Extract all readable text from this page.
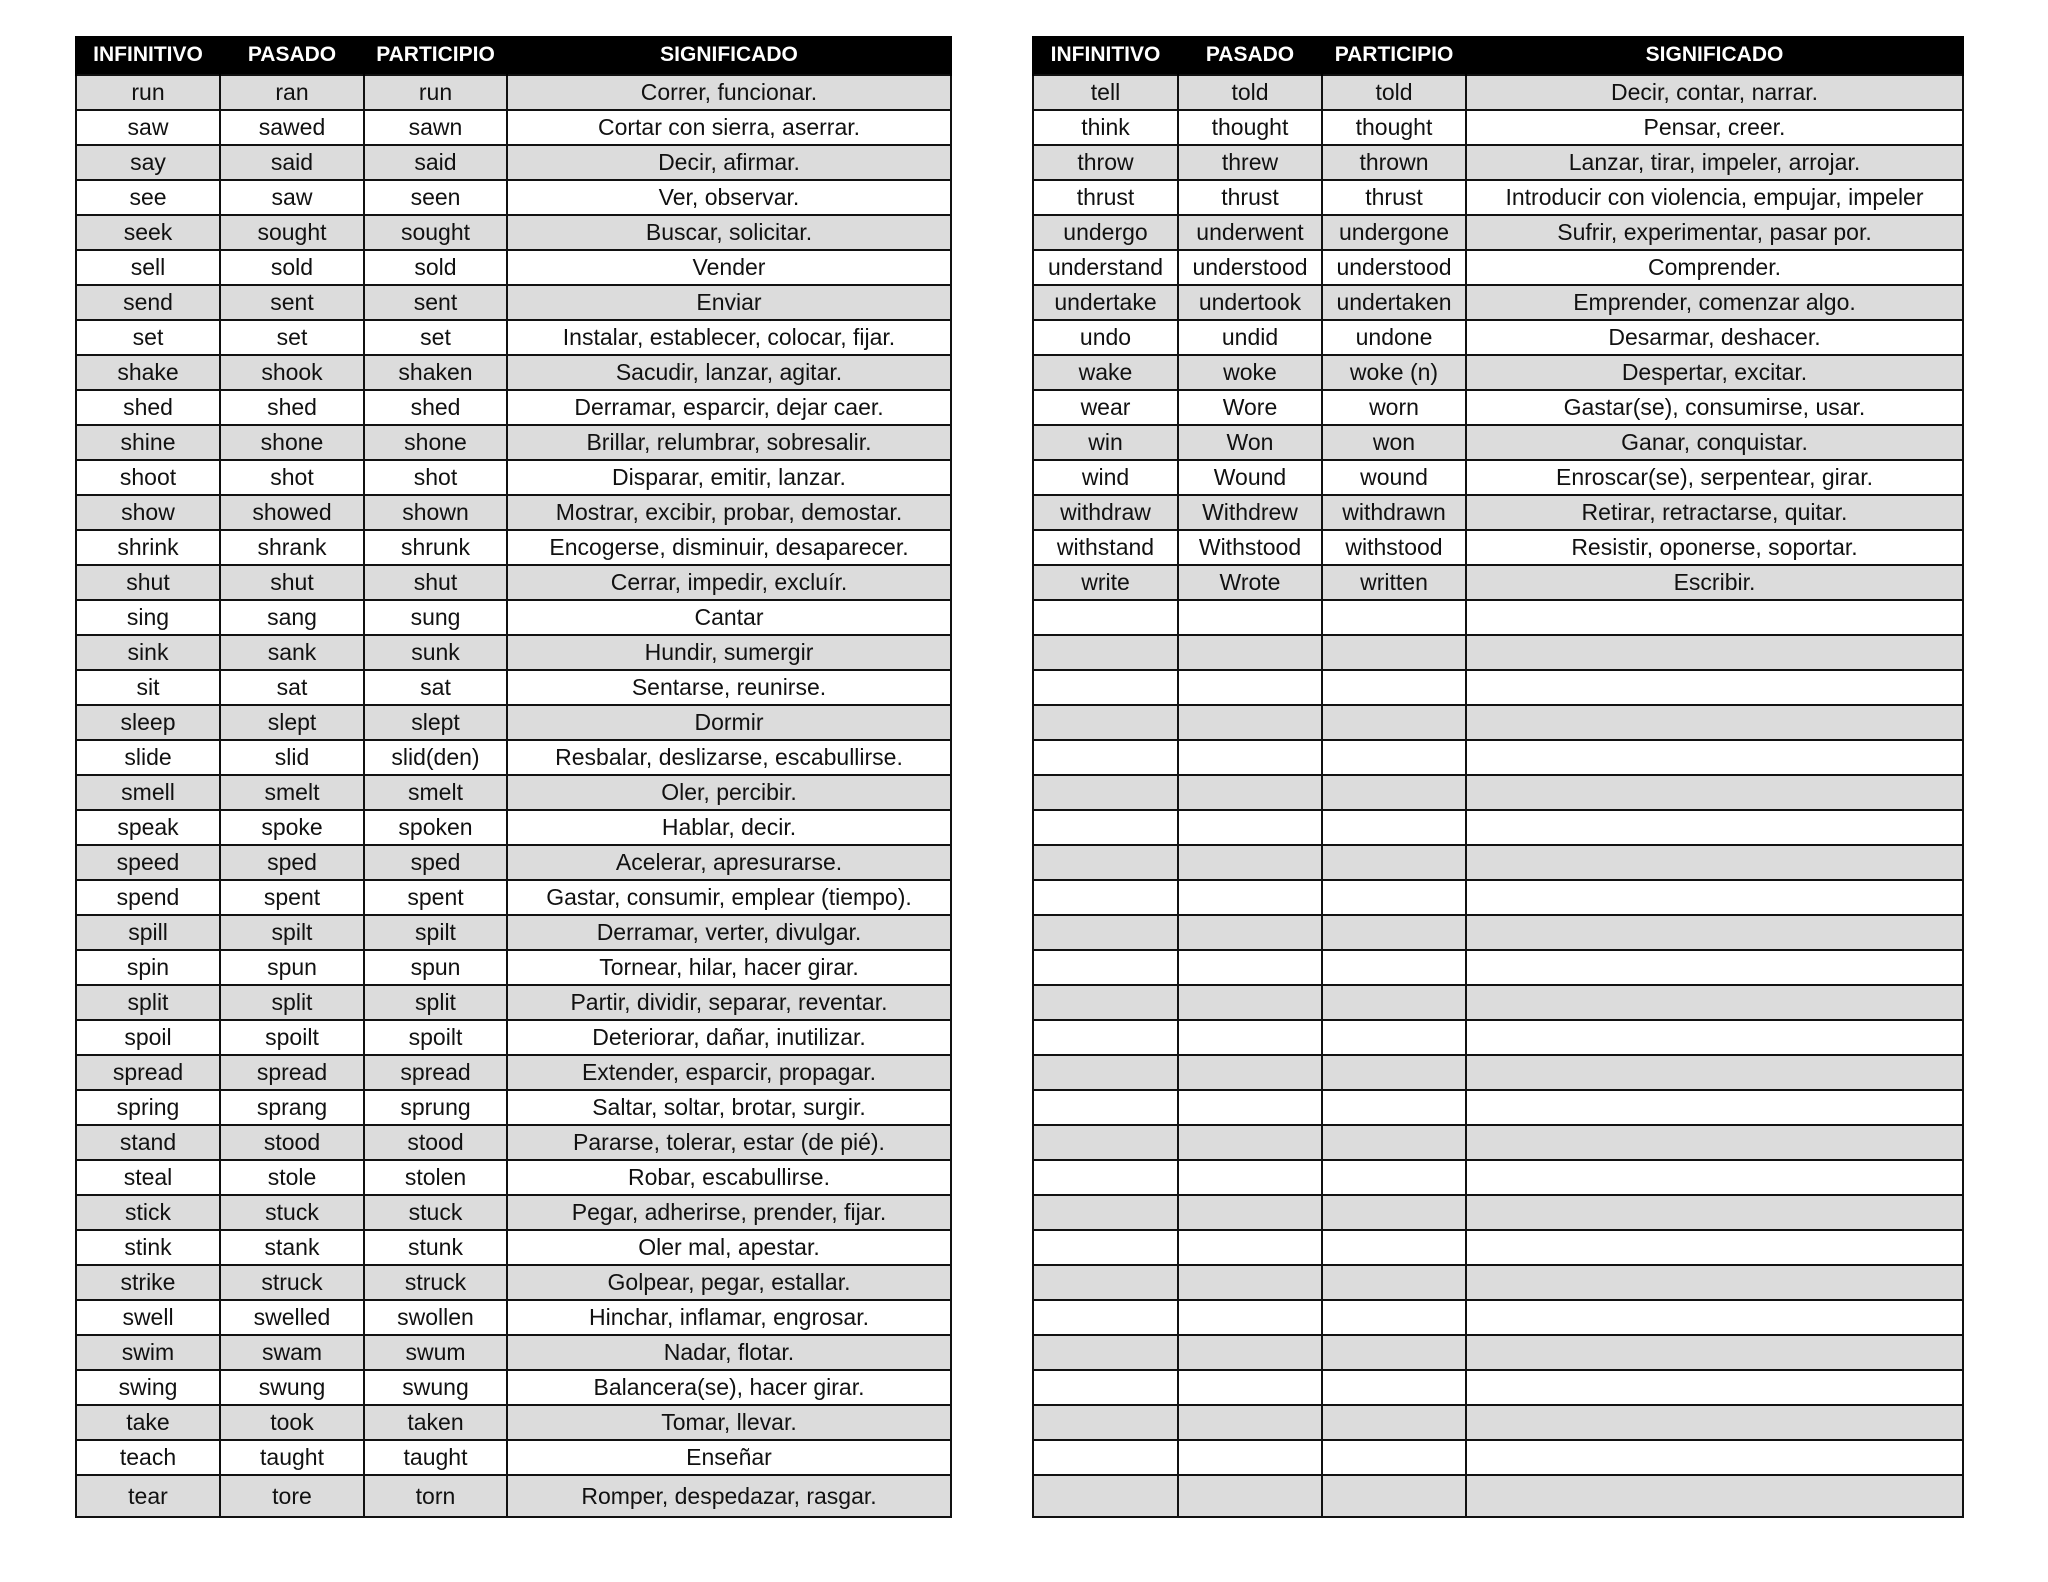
INFINITIVO	PASADO	PARTICIPIO	SIGNIFICADO
run	ran	run	Correr, funcionar.
saw	sawed	sawn	Cortar con sierra, aserrar.
say	said	said	Decir, afirmar.
see	saw	seen	Ver, observar.
seek	sought	sought	Buscar, solicitar.
sell	sold	sold	Vender
send	sent	sent	Enviar
set	set	set	Instalar, establecer, colocar, fijar.
shake	shook	shaken	Sacudir, lanzar, agitar.
shed	shed	shed	Derramar, esparcir, dejar caer.
shine	shone	shone	Brillar, relumbrar, sobresalir.
shoot	shot	shot	Disparar, emitir, lanzar.
show	showed	shown	Mostrar, excibir, probar, demostar.
shrink	shrank	shrunk	Encogerse, disminuir, desaparecer.
shut	shut	shut	Cerrar, impedir, excluír.
sing	sang	sung	Cantar
sink	sank	sunk	Hundir, sumergir
sit	sat	sat	Sentarse, reunirse.
sleep	slept	slept	Dormir
slide	slid	slid(den)	Resbalar, deslizarse, escabullirse.
smell	smelt	smelt	Oler, percibir.
speak	spoke	spoken	Hablar, decir.
speed	sped	sped	Acelerar, apresurarse.
spend	spent	spent	Gastar, consumir, emplear (tiempo).
spill	spilt	spilt	Derramar, verter, divulgar.
spin	spun	spun	Tornear, hilar, hacer girar.
split	split	split	Partir, dividir, separar, reventar.
spoil	spoilt	spoilt	Deteriorar, dañar, inutilizar.
spread	spread	spread	Extender, esparcir, propagar.
spring	sprang	sprung	Saltar, soltar, brotar, surgir.
stand	stood	stood	Pararse, tolerar, estar (de pié).
steal	stole	stolen	Robar, escabullirse.
stick	stuck	stuck	Pegar, adherirse, prender, fijar.
stink	stank	stunk	Oler mal, apestar.
strike	struck	struck	Golpear, pegar, estallar.
swell	swelled	swollen	Hinchar, inflamar, engrosar.
swim	swam	swum	Nadar, flotar.
swing	swung	swung	Balancera(se), hacer girar.
take	took	taken	Tomar, llevar.
teach	taught	taught	Enseñar
tear	tore	torn	Romper, despedazar, rasgar.
INFINITIVO	PASADO	PARTICIPIO	SIGNIFICADO
tell	told	told	Decir, contar, narrar.
think	thought	thought	Pensar, creer.
throw	threw	thrown	Lanzar, tirar, impeler, arrojar.
thrust	thrust	thrust	Introducir con violencia, empujar, impeler
undergo	underwent	undergone	Sufrir, experimentar, pasar por.
understand	understood	understood	Comprender.
undertake	undertook	undertaken	Emprender, comenzar algo.
undo	undid	undone	Desarmar, deshacer.
wake	woke	woke (n)	Despertar, excitar.
wear	Wore	worn	Gastar(se), consumirse, usar.
win	Won	won	Ganar, conquistar.
wind	Wound	wound	Enroscar(se), serpentear, girar.
withdraw	Withdrew	withdrawn	Retirar, retractarse, quitar.
withstand	Withstood	withstood	Resistir, oponerse, soportar.
write	Wrote	written	Escribir.
